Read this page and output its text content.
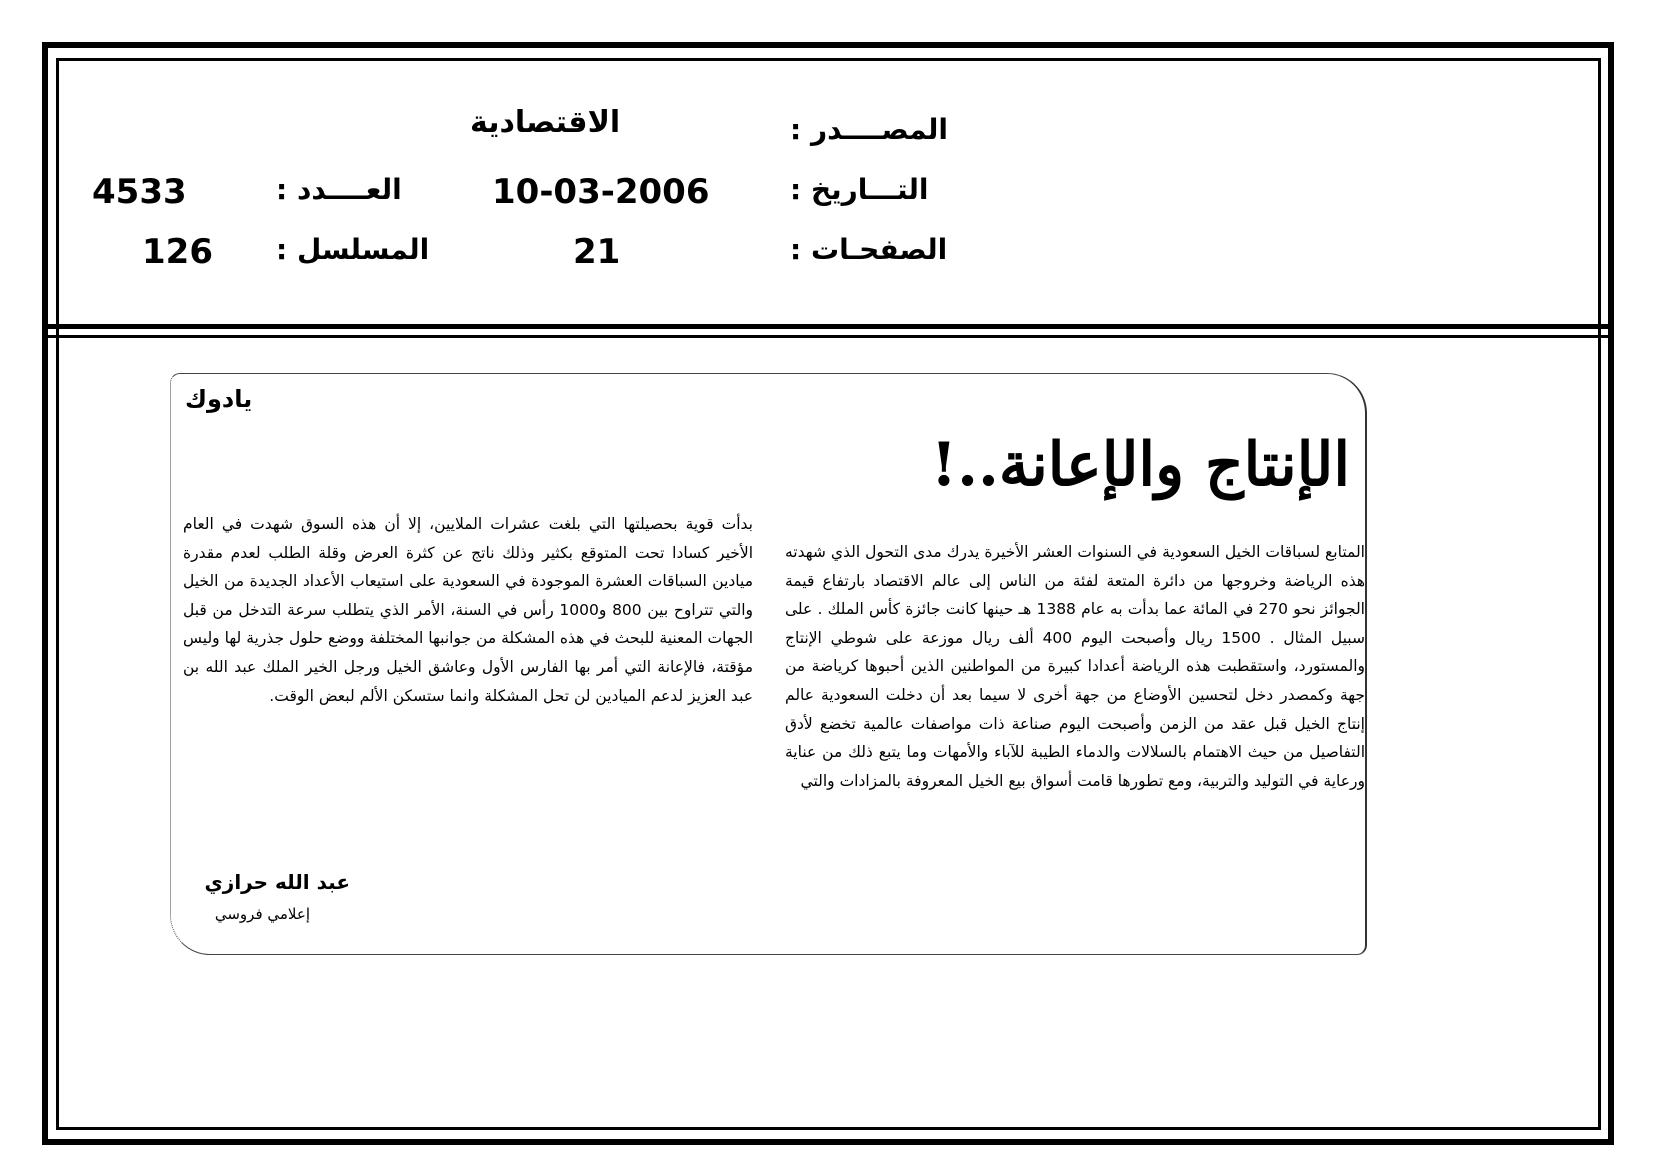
المصــــدر :
الاقتصادية
التـــاريخ :
10-03-2006
العــــدد :
4533
الصفحـات :
21
المسلسل :
126
يادوك
الإنتاج والإعانة..!
المتابع لسباقات الخيل السعودية في السنوات العشر الأخيرة يدرك مدى التحول الذي شهدته هذه الرياضة وخروجها من دائرة المتعة لفئة من الناس إلى عالم الاقتصاد بارتفاع قيمة الجوائز نحو 270 في المائة عما بدأت به عام 1388 هـ حينها كانت جائزة كأس الملك . على سبيل المثال . 1500 ريال وأصبحت اليوم 400 ألف ريال موزعة على شوطي الإنتاج والمستورد، واستقطبت هذه الرياضة أعدادا كبيرة من المواطنين الذين أحبوها كرياضة من جهة وكمصدر دخل لتحسين الأوضاع من جهة أخرى لا سيما بعد أن دخلت السعودية عالم إنتاج الخيل قبل عقد من الزمن وأصبحت اليوم صناعة ذات مواصفات عالمية تخضع لأدق التفاصيل من حيث الاهتمام بالسلالات والدماء الطيبة للآباء والأمهات وما يتبع ذلك من عناية ورعاية في التوليد والتربية، ومع تطورها قامت أسواق بيع الخيل المعروفة بالمزادات والتي
بدأت قوية بحصيلتها التي بلغت عشرات الملايين، إلا أن هذه السوق شهدت في العام الأخير كسادا تحت المتوقع بكثير وذلك ناتج عن كثرة العرض وقلة الطلب لعدم مقدرة ميادين السباقات العشرة الموجودة في السعودية على استيعاب الأعداد الجديدة من الخيل والتي تتراوح بين 800 و1000 رأس في السنة، الأمر الذي يتطلب سرعة التدخل من قبل الجهات المعنية للبحث في هذه المشكلة من جوانبها المختلفة ووضع حلول جذرية لها وليس مؤقتة، فالإعانة التي أمر بها الفارس الأول وعاشق الخيل ورجل الخير الملك عبد الله بن عبد العزيز لدعم الميادين لن تحل المشكلة وانما ستسكن الألم لبعض الوقت.
عبد الله حرازي
إعلامي فروسي
